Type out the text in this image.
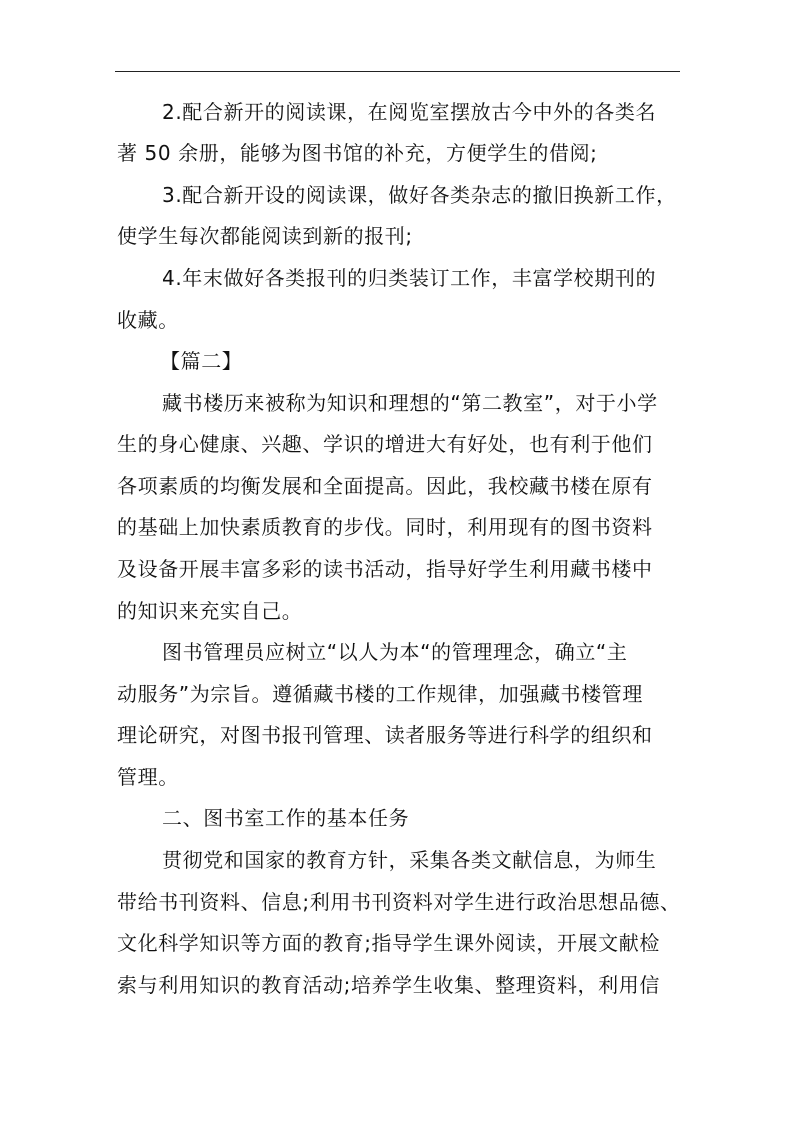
2.配合新开的阅读课，在阅览室摆放古今中外的各类名
著 50 余册，能够为图书馆的补充，方便学生的借阅;
3.配合新开设的阅读课，做好各类杂志的撤旧换新工作，
使学生每次都能阅读到新的报刊;
4.年末做好各类报刊的归类装订工作，丰富学校期刊的
收藏。
【篇二】
藏书楼历来被称为知识和理想的“第二教室”，对于小学
生的身心健康、兴趣、学识的增进大有好处，也有利于他们
各项素质的均衡发展和全面提高。因此，我校藏书楼在原有
的基础上加快素质教育的步伐。同时，利用现有的图书资料
及设备开展丰富多彩的读书活动，指导好学生利用藏书楼中
的知识来充实自己。
图书管理员应树立“以人为本“的管理理念，确立“主
动服务”为宗旨。遵循藏书楼的工作规律，加强藏书楼管理
理论研究，对图书报刊管理、读者服务等进行科学的组织和
管理。
二、图书室工作的基本任务
贯彻党和国家的教育方针，采集各类文献信息，为师生
带给书刊资料、信息;利用书刊资料对学生进行政治思想品德、
文化科学知识等方面的教育;指导学生课外阅读，开展文献检
索与利用知识的教育活动;培养学生收集、整理资料，利用信
